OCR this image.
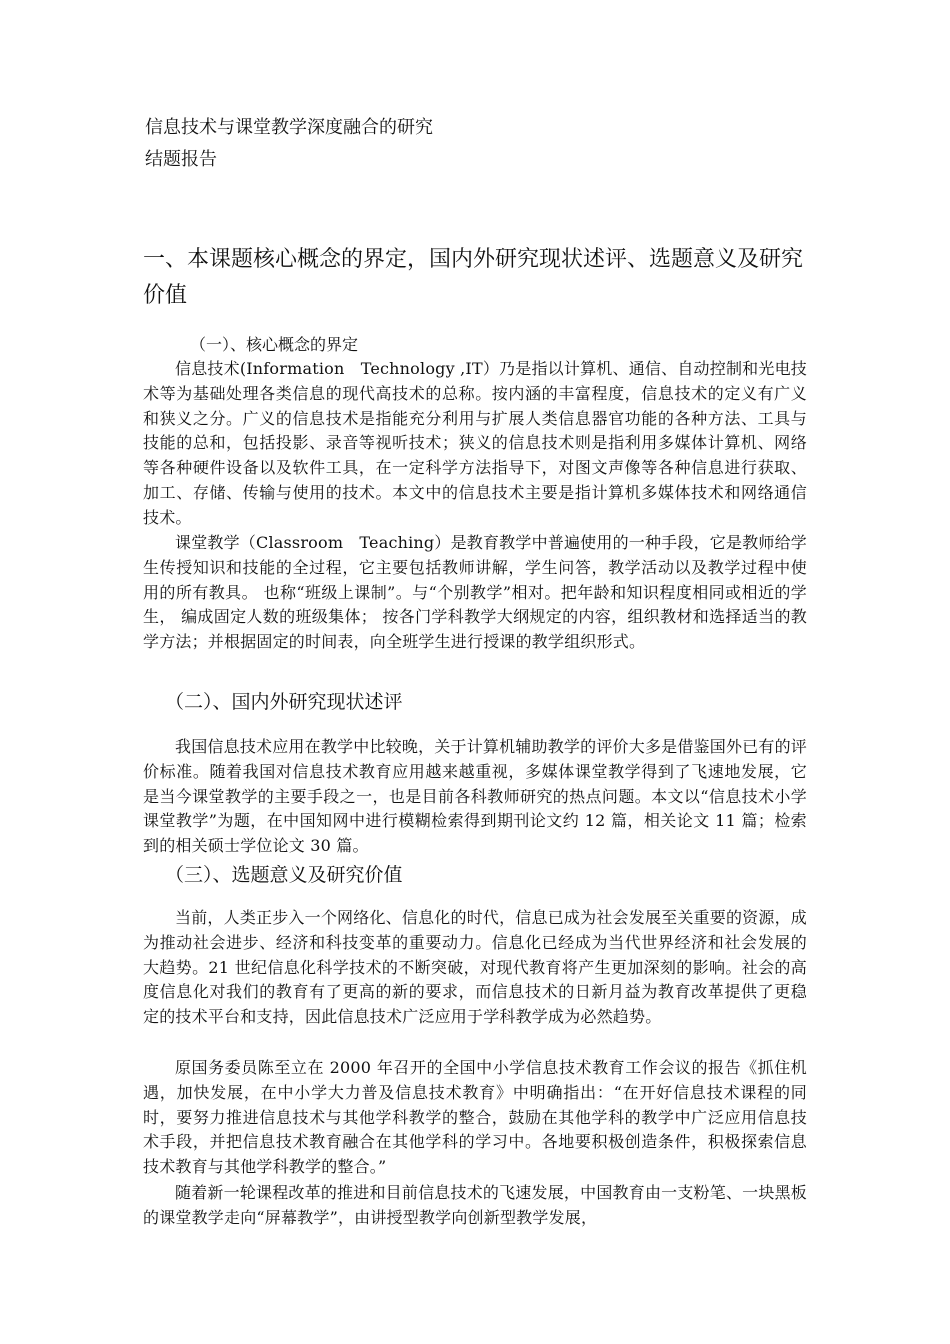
信息技术与课堂教学深度融合的研究
结题报告
一、本课题核心概念的界定，国内外研究现状述评、选题意义及研究价值
（一）、核心概念的界定
信息技术(Information　Technology ,IT）乃是指以计算机、通信、自动控制和光电技术等为基础处理各类信息的现代高技术的总称。按内涵的丰富程度，信息技术的定义有广义和狭义之分。广义的信息技术是指能充分利用与扩展人类信息器官功能的各种方法、工具与技能的总和，包括投影、录音等视听技术；狭义的信息技术则是指利用多媒体计算机、网络等各种硬件设备以及软件工具，在一定科学方法指导下，对图文声像等各种信息进行获取、加工、存储、传输与使用的技术。本文中的信息技术主要是指计算机多媒体技术和网络通信技术。
课堂教学（Classroom　Teaching）是教育教学中普遍使用的一种手段，它是教师给学生传授知识和技能的全过程，它主要包括教师讲解，学生问答，教学活动以及教学过程中使用的所有教具。 也称“班级上课制”。与“个别教学”相对。把年龄和知识程度相同或相近的学生， 编成固定人数的班级集体； 按各门学科教学大纲规定的内容，组织教材和选择适当的教学方法；并根据固定的时间表，向全班学生进行授课的教学组织形式。
（二）、国内外研究现状述评
我国信息技术应用在教学中比较晚，关于计算机辅助教学的评价大多是借鉴国外已有的评价标准。随着我国对信息技术教育应用越来越重视，多媒体课堂教学得到了飞速地发展，它是当今课堂教学的主要手段之一，也是目前各科教师研究的热点问题。本文以“信息技术小学课堂教学”为题，在中国知网中进行模糊检索得到期刊论文约 12 篇，相关论文 11 篇；检索到的相关硕士学位论文 30 篇。
（三）、选题意义及研究价值
当前，人类正步入一个网络化、信息化的时代，信息已成为社会发展至关重要的资源，成为推动社会进步、经济和科技变革的重要动力。信息化已经成为当代世界经济和社会发展的大趋势。21 世纪信息化科学技术的不断突破，对现代教育将产生更加深刻的影响。社会的高度信息化对我们的教育有了更高的新的要求，而信息技术的日新月益为教育改革提供了更稳定的技术平台和支持，因此信息技术广泛应用于学科教学成为必然趋势。
原国务委员陈至立在 2000 年召开的全国中小学信息技术教育工作会议的报告《抓住机遇，加快发展，在中小学大力普及信息技术教育》中明确指出：“在开好信息技术课程的同时，要努力推进信息技术与其他学科教学的整合，鼓励在其他学科的教学中广泛应用信息技术手段，并把信息技术教育融合在其他学科的学习中。各地要积极创造条件，积极探索信息技术教育与其他学科教学的整合。”
随着新一轮课程改革的推进和目前信息技术的飞速发展，中国教育由一支粉笔、一块黑板的课堂教学走向“屏幕教学”，由讲授型教学向创新型教学发展，
